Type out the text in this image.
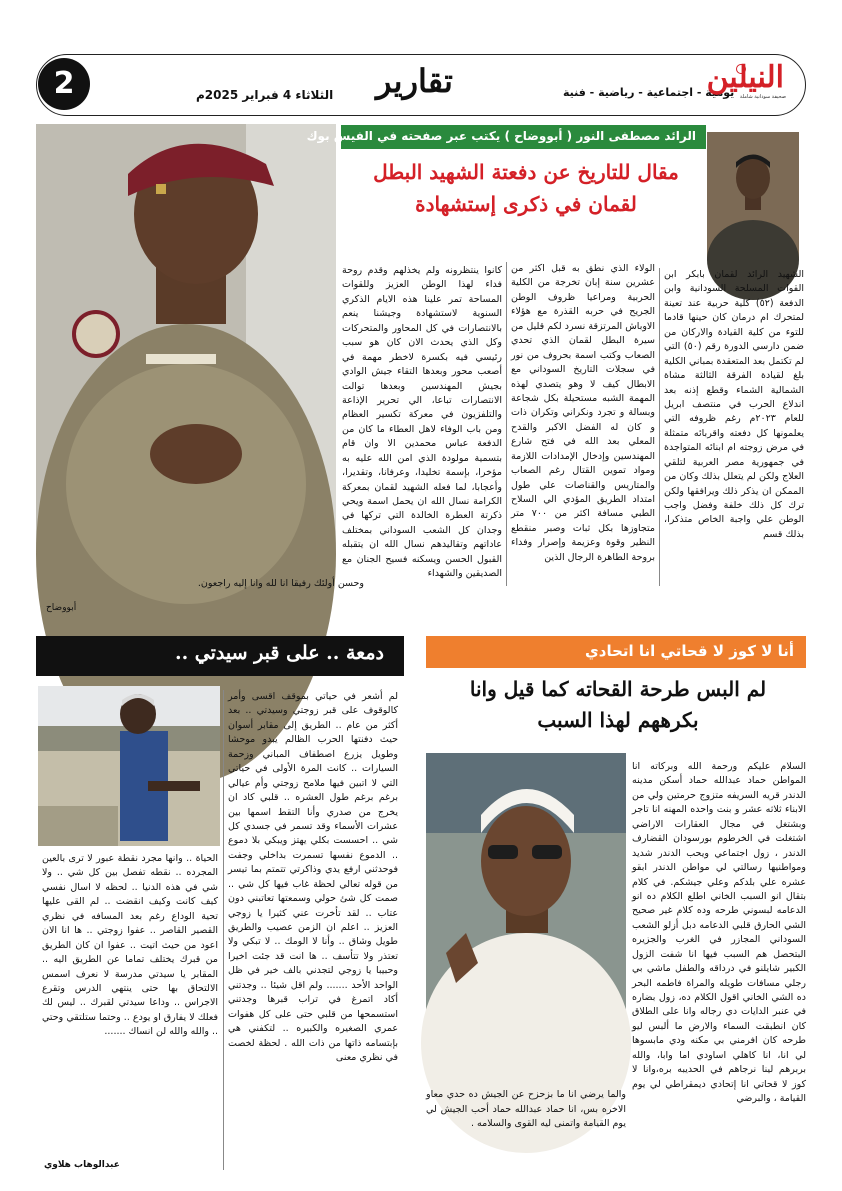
2	الثلاثاء 4 فبراير 2025م تقارير	يومية - اجتماعية - رياضية - فنية
النيلين
صحيفة سودانية شاملة
الرائد مصطفى النور ( أبووضاح ) يكتب عبر صفحته في الفيس بوك
مقال للتاريخ عن دفعتة الشهيد البطل
لقمان في ذكرى إستشهادة
الشهيد الرائد لقمان بابكر ابن القوات المسلحة السودانية وابن الدفعة (٥٢) كلية حربية عند تعينة لمتحرك ام درمان كان حينها قادما للتوء من كلية القيادة والاركان من ضمن دارسي الدورة رقم (٥٠) التي لم تكتمل بعد المتعقدة بمباني الكلية بلغ لقيادة الفرقة الثالثة مشاة الشمالية الشماء وقطع إذنه بعد اندلاع الحرب في منتصف ابريل للعام ٢٠٢٣م رغم ظروفه التي يعلمونها كل دفعته واقربائه متمثلة في مرض زوجته ام ابنائه المتواجدة في جمهورية مصر العربية لتلقي العلاج ولكن لم يتعلل بذلك وكان من الممكن ان يذكر ذلك ويرافقها ولكن ترك كل ذلك خلفة وفضل واجب الوطن علي واجبة الخاص متذكرا، بذلك قسم
الولاء الذي نطق به قبل اكثر من عشرين سنة إبان تخرجة من الكلية الحربية ومراعيا ظروف الوطن الجريح في حربه القذرة مع هؤلاء الاوباش المرتزقة نسرد لكم قليل من سيرة البطل لقمان الذي تحدي الصعاب وكتب اسمة بحروف من نور في سجلات التاريخ السوداني مع الابطال كيف لا وهو يتصدي لهذه المهمة الشبه مستحيلة بكل شجاعة وبسالة و تجرد ونكراني وتكران ذات و كان له الفضل الاكبر والقدح المعلي بعد الله في فتح شارع المهندسين وإدخال الإمدادات اللازمة ومواد تموين القتال رغم الصعاب والمتاريس والقناصات علي طول امتداد الطريق المؤدي الي السلاح الطبي مسافة اكثر من ٧٠٠ متر متجاوزها بكل ثبات وصبر منقطع النظير وقوة وعزيمة وإصرار وفداء بروحة الطاهرة الرجال الذين
كانوا ينتظرونه ولم يخذلهم وقدم روحة فداء لهذا الوطن العزيز وللقوات المساحة تمر علينا هذه الايام الذكري السنوية لاستشهادة وجيشنا ينعم بالانتصارات في كل المحاور والمتحركات وكل الذي يحدث الان كان هو سبب رئيسي فيه بكسرة لاخطر مهمة في أصعب محور وبعدها التقاء جيش الوادي بجيش المهندسين وبعدها توالت الانتصارات تباعا، الي تحرير الإذاعة والتلفزيون في معركة تكسير العظام ومن باب الوفاء لاهل العطاء ما كان من الدفعة عباس محمدين الا وان قام بتسمية مولودة الذي امن الله عليه به مؤخرا، بإسمة تخليدا، وعرفانا، وتقديرا، وأعجابا، لما فعله الشهيد لقمان بمعركة الكرامة نسال الله ان يحمل اسمة ويحي ذكرتة العطرة الخالدة التي تركها في وجدان كل الشعب السوداني بمختلف عاداتهم وتقاليدهم نسال الله ان يتقبله القبول الحسن ويسكنه فسيح الجنان مع الصديقين والشهداء
وحسن أولئك رفيقا انا لله وانا إليه راجعون.
أبووضاح
أنا لا كوز لا قحاتي انا اتحادي
لم البس طرحة القحاته كما قيل وانا
بكرههم لهذا السبب
السلام عليكم ورحمة الله وبركاته انا المواطن حماد عبدالله حماد أسكن مدينه الدندر قريه السريفه متزوج حرمتين ولي من الابناء ثلاثه عشر و بنت واحده المهنه انا تاجر وبشتغل في مجال العقارات الاراضي اشتغلت في الخرطوم بورسودان القضارف الدندر ، زول اجتماعي ويحب الدندر شديد ومواطنيها رسالتي لي مواطن الدندر ابقو عشره علي بلدكم وعلي جيشكم. في كلام بتقال انو السبب الخاني اطلع الكلام ده انو الدعامه لبسوني طرحه وده كلام غير صحيح الشي الحارق قلبي الدعامه دبل أزلو الشعب السوداني المجازر في الغرب والجزيره البتحصل هم السبب فيها انا شفت الزول الكبير شايلنو في درداقه والطفل ماشي بي رجلي مسافات طويله والمراة فاطمه البحر ده الشي الخاني اقول الكلام ده، زول بضاره في عنبر الدايات دي رجاله وانا على الطلاق كان انطبقت السماء والارض ما ألبس ليو طرحه كان افرمني بي مكنه ودي مابسوها لي انا، انا كاهلي اساودي اما وابا، والله بربرهم لينا نرجاهم في الحديبه بره،وانا لا كوز لا قحاتي انا إتحادي ديمقراطي لي يوم القيامة ، والبرضي
والما يرضي انا ما بزحزح عن الجيش ده حدي معاو الاخره بس، انا حماد عبدالله حماد أحب الجيش لي يوم القيامة واتمنى ليه القوى والسلامه .
دمعة .. على قبر سيدتي ..
لم أشعر في حياتي بموقف اقسى وأمر كالوقوف على قبر زوجتي وسيدتي .. بعد أكثر من عام .. الطريق إلى مقابر أسوان حيث دفنتها الحرب الظالم يبدو موحشا وطويل يزرع اصطفاف المباني وزحمة السيارات .. كانت المرة الأولى في حياتي التي لا اتبين فيها ملامح زوجتي وأم عيالي برغم برغم طول العشره .. قلبي كاد ان يخرج من صدري وأنا التقط اسمها بين عشرات الأسماء وقد تسمر في جسدي كل شي .. احسست بكلي يهتز ويبكي بلا دموع .. الدموع نفسها تسمرت بداخلي وجفت فوحدثني ارفع يدي وذاكرتي تتمتم بما تيسر من قوله تعالي لحظة غاب فيها كل شي .. صمت كل شئ حولي وسمعتها تعاتبني دون عتاب .. لقد تأخرت عني كثيرا يا زوجي العزيز .. اعلم ان الزمن عصيب والطريق طويل وشاق .. وأنا لا الومك .. لا تبكي ولا تعتذر ولا تتأسف .. ها انت قد جئت اخيرا وحبيبا يا زوجي لتجدني بالف خير في ظل الواحد الأحد ....... ولم اقل شيئا .. وجدتني أكاد اتمرغ في تراب قبرها وجدتني استسمحها من قلبي حتى على كل هفوات عمري الصغيره والكبيره .. لتكفني هي بإبتسامه ذاتها من ذات الله . لحظة لخصت في نظري معنى
الحياة .. وانها مجرد نقطة عبور لا ترى بالعين المجرده .. نقطه تفصل بين كل شي .. ولا شي في هذه الدنيا .. لحظه لا اسال نفسي كيف كانت وكيف انقضت .. لم القى عليها تحية الوداع رغم بعد المسافه في نظري القصير القاصر .. عفوا زوجتي .. ها انا الان اعود من حيث اتيت .. عفوا ان كان الطريق من قبرك يختلف تماما عن الطريق اليه .. المقابر يا سيدتي مدرسة لا نعرف اسمس الالتحاق بها حتى ينتهي الدرس وتقرع الاجراس .. وداعا سيدتي لقبرك .. ليس لك فعلك لا يفارق او يودع .. وحتما ستلتقي وحتي .. والله والله لن انساك .......
عبدالوهاب هلاوي
